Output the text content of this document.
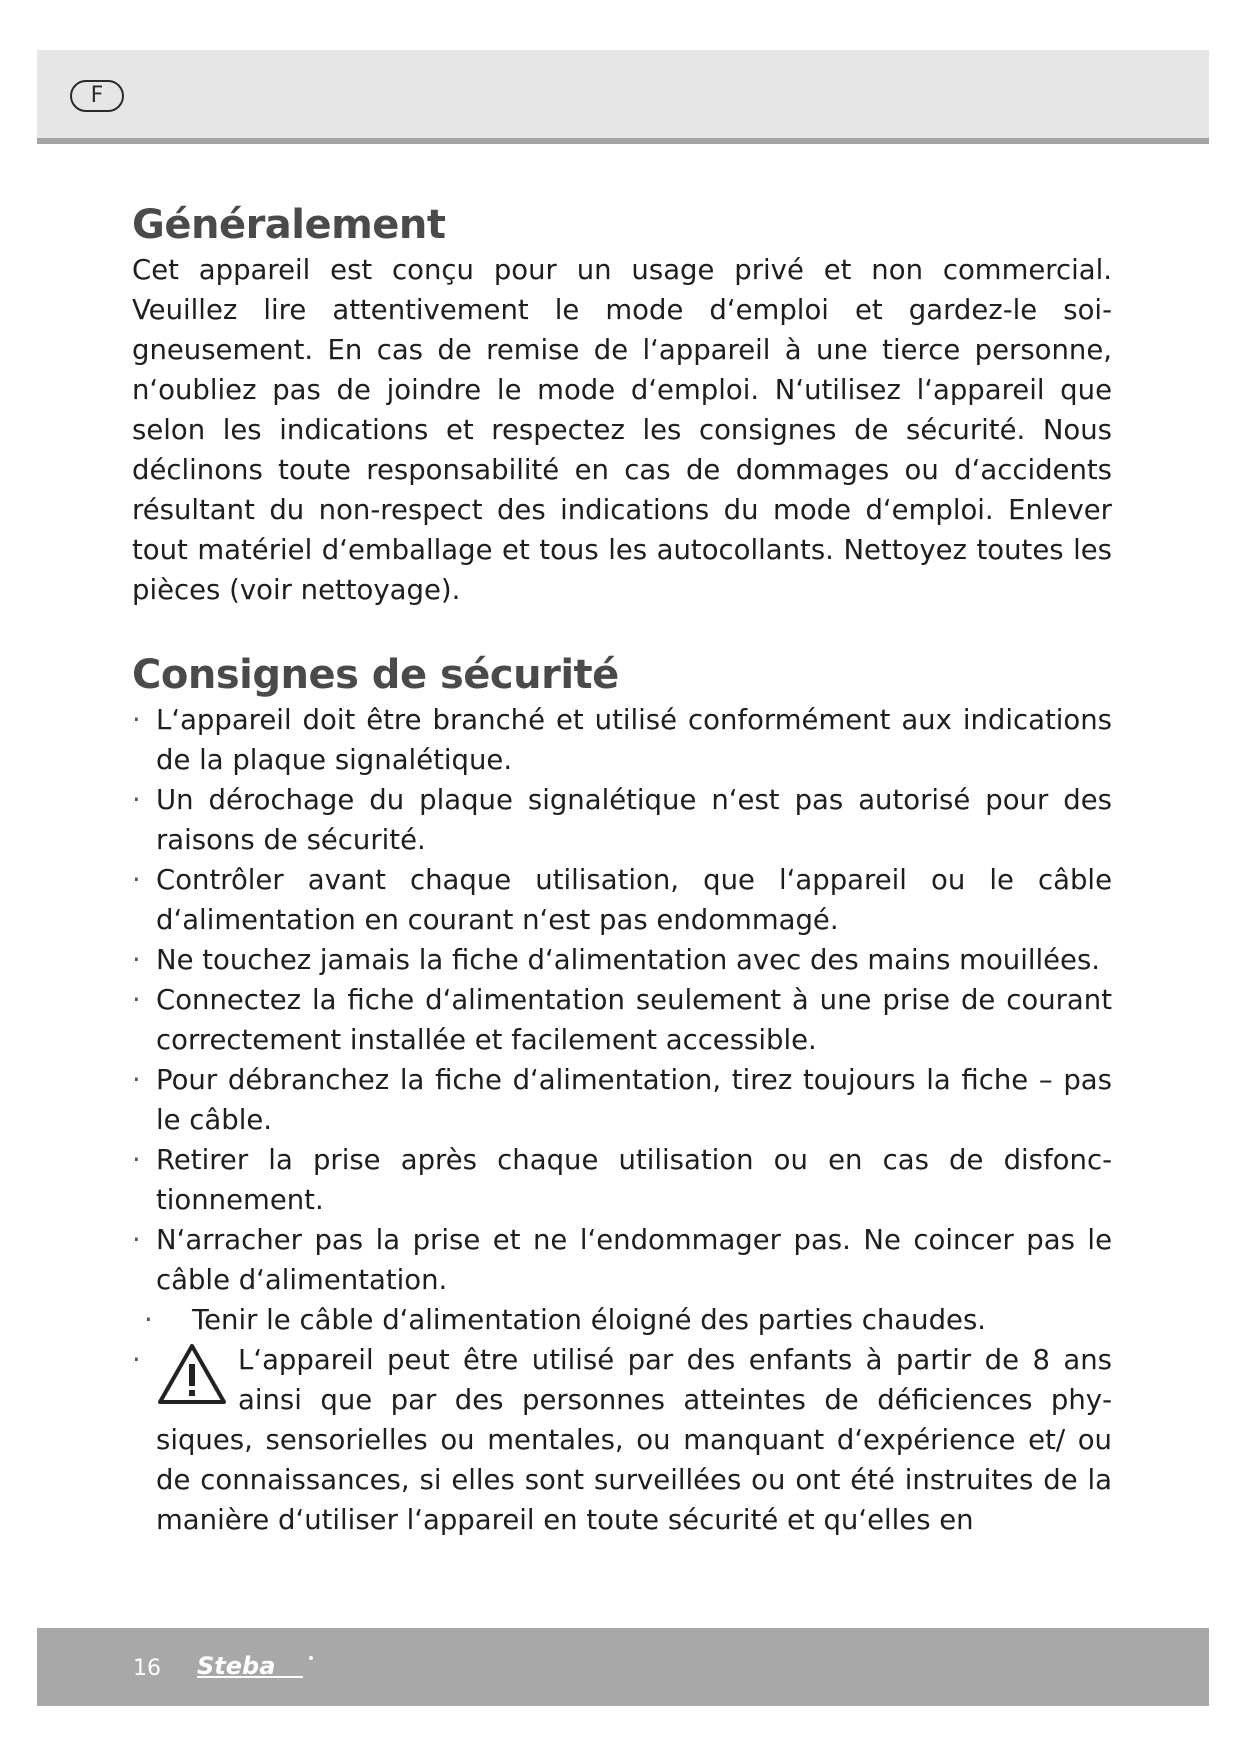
F
Généralement

Cet appareil est conçu pour un usage privé et non commercial. Veuillez lire attentivement le mode d‘emploi et gardez-le soigneusement. En cas de remise de l‘appareil à une tierce personne, n‘oubliez pas de joindre le mode d‘emploi. N‘utilisez l‘appareil que selon les indications et respectez les consignes de sécurité. Nous déclinons toute responsabilité en cas de dommages ou d‘accidents résultant du non-respect des indications du mode d‘emploi. Enlever tout matériel d‘emballage et tous les autocollants. Nettoyez toutes les pièces (voir nettoyage).

Consignes de sécurité
· L‘appareil doit être branché et utilisé conformément aux indications de la plaque signalétique.
· Un dérochage du plaque signalétique n‘est pas autorisé pour des raisons de sécurité.
· Contrôler avant chaque utilisation, que l‘appareil ou le câble d‘alimentation en courant n‘est pas endommagé.
· Ne touchez jamais la fiche d‘alimentation avec des mains mouillées.
· Connectez la fiche d‘alimentation seulement à une prise de courant correctement installée et facilement accessible.
· Pour débranchez la fiche d‘alimentation, tirez toujours la fiche – pas le câble.
· Retirer la prise après chaque utilisation ou en cas de disfonctionnement.
· N‘arracher pas la prise et ne l‘endommager pas. Ne coincer pas le câble d‘alimentation.
·	Tenir le câble d‘alimentation éloigné des parties chaudes.
·	L‘appareil peut être utilisé par des enfants à partir de 8 ans ainsi que par des personnes atteintes de déficiences physiques, sensorielles ou mentales, ou manquant d‘expérience et/ ou de connaissances, si elles sont surveillées ou ont été instruites de la manière d‘utiliser l‘appareil en toute sécurité et qu‘elles en
16 Steba
